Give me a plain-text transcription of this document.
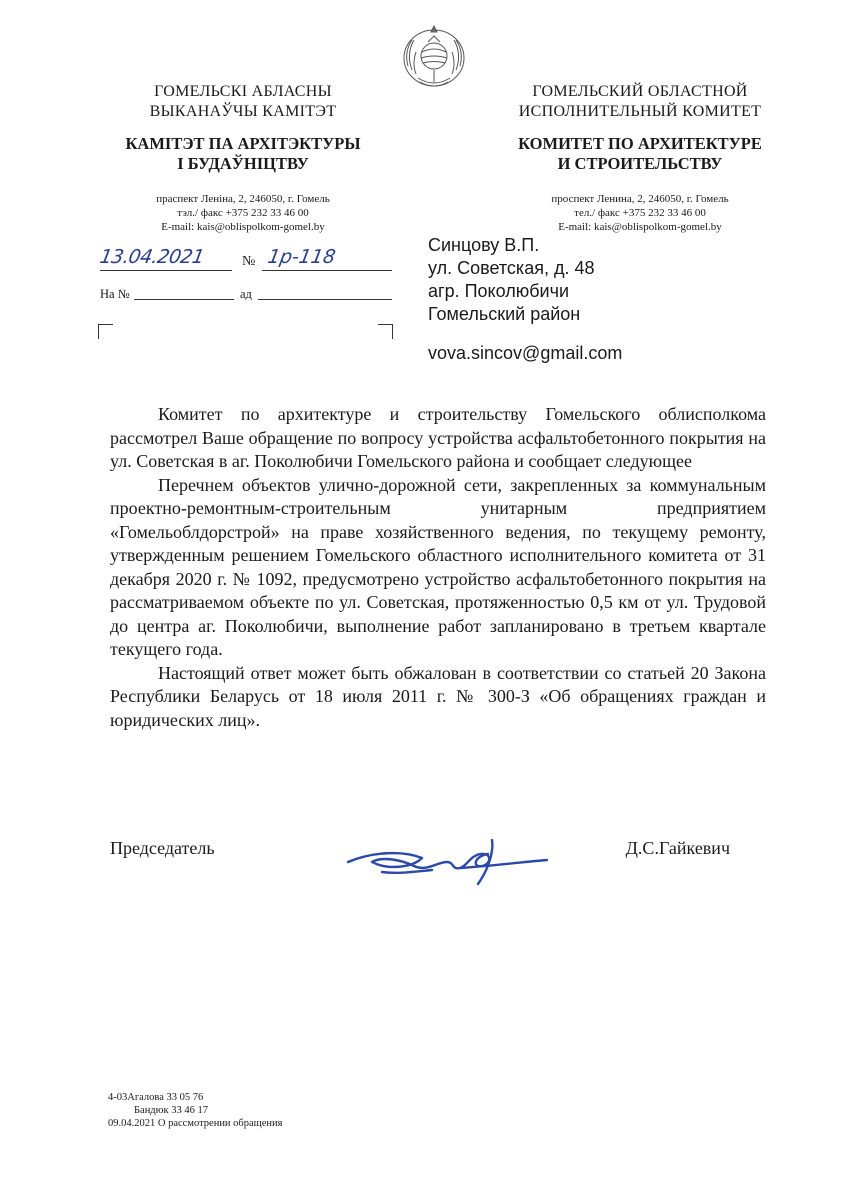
ГОМЕЛЬСКІ АБЛАСНЫ
ВЫКАНАЎЧЫ КАМІТЭТ
КАМІТЭТ ПА АРХІТЭКТУРЫ
І БУДАЎНІЦТВУ
праспект Леніна, 2, 246050, г. Гомель
тэл./ факс +375 232 33 46 00
E-mail: kais@oblispolkom-gomel.by
ГОМЕЛЬСКИЙ ОБЛАСТНОЙ
ИСПОЛНИТЕЛЬНЫЙ КОМИТЕТ
КОМИТЕТ ПО АРХИТЕКТУРЕ
И СТРОИТЕЛЬСТВУ
проспект Ленина, 2, 246050, г. Гомель
тел./ факс +375 232 33 46 00
E-mail: kais@oblispolkom-gomel.by
13.04.2021	№ 1р-118
На №	ад
Синцову В.П.
ул. Советская, д. 48
агр. Поколюбичи
Гомельский район
vova.sincov@gmail.com

Комитет по архитектуре и строительству Гомельского облисполкома рассмотрел Ваше обращение по вопросу устройства асфальтобетонного покрытия на ул. Советская в аг. Поколюбичи Гомельского района и сообщает следующее

Перечнем объектов улично-дорожной сети, закрепленных за коммунальным проектно-ремонтным-строительным унитарным предприятием «Гомельоблдорстрой» на праве хозяйственного ведения, по текущему ремонту, утвержденным решением Гомельского областного исполнительного комитета от 31 декабря 2020 г. № 1092, предусмотрено устройство асфальтобетонного покрытия на рассматриваемом объекте по ул. Советская, протяженностью 0,5 км от ул. Трудовой до центра аг. Поколюбичи, выполнение работ запланировано в третьем квартале текущего года.

Настоящий ответ может быть обжалован в соответствии со статьей 20 Закона Республики Беларусь от 18 июля 2011 г. № 300-З «Об обращениях граждан и юридических лиц».

Председатель	Д.С.Гайкевич
4-03Агалова 33 05 76
Бандюк 33 46 17
09.04.2021 О рассмотрении обращения
